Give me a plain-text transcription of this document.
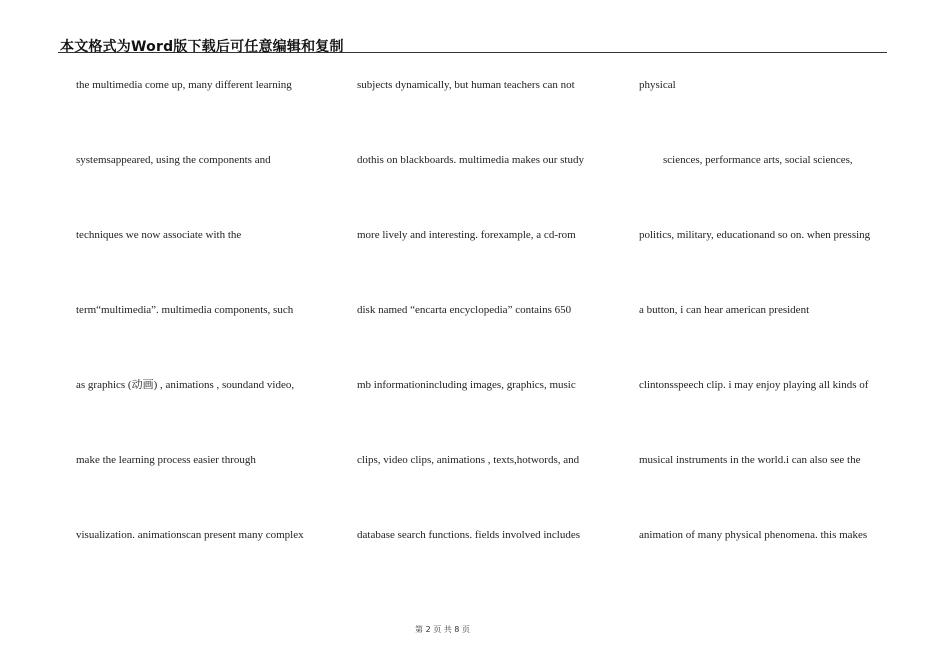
本文格式为Word版下载后可任意编辑和复制
the multimedia come up, many different learning
systemsappeared, using the components and
techniques we now associate with the
term“multimedia”. multimedia components, such
as graphics (动画) , animations , soundand video,
make the learning process easier through
visualization. animationscan present many complex
subjects dynamically, but human teachers can not
dothis on blackboards. multimedia makes our study
more lively and interesting. forexample, a cd-rom
disk named “encarta encyclopedia” contains 650
mb informationincluding images, graphics, music
clips, video clips, animations , texts,hotwords, and
database search functions. fields involved includes
physical
sciences, performance arts, social sciences,
politics, military, educationand so on. when pressing
a button, i can hear american president
clintonsspeech clip. i may enjoy playing all kinds of
musical instruments in the world.i can also see the
animation of many physical phenomena. this makes
第 2 页 共 8 页
